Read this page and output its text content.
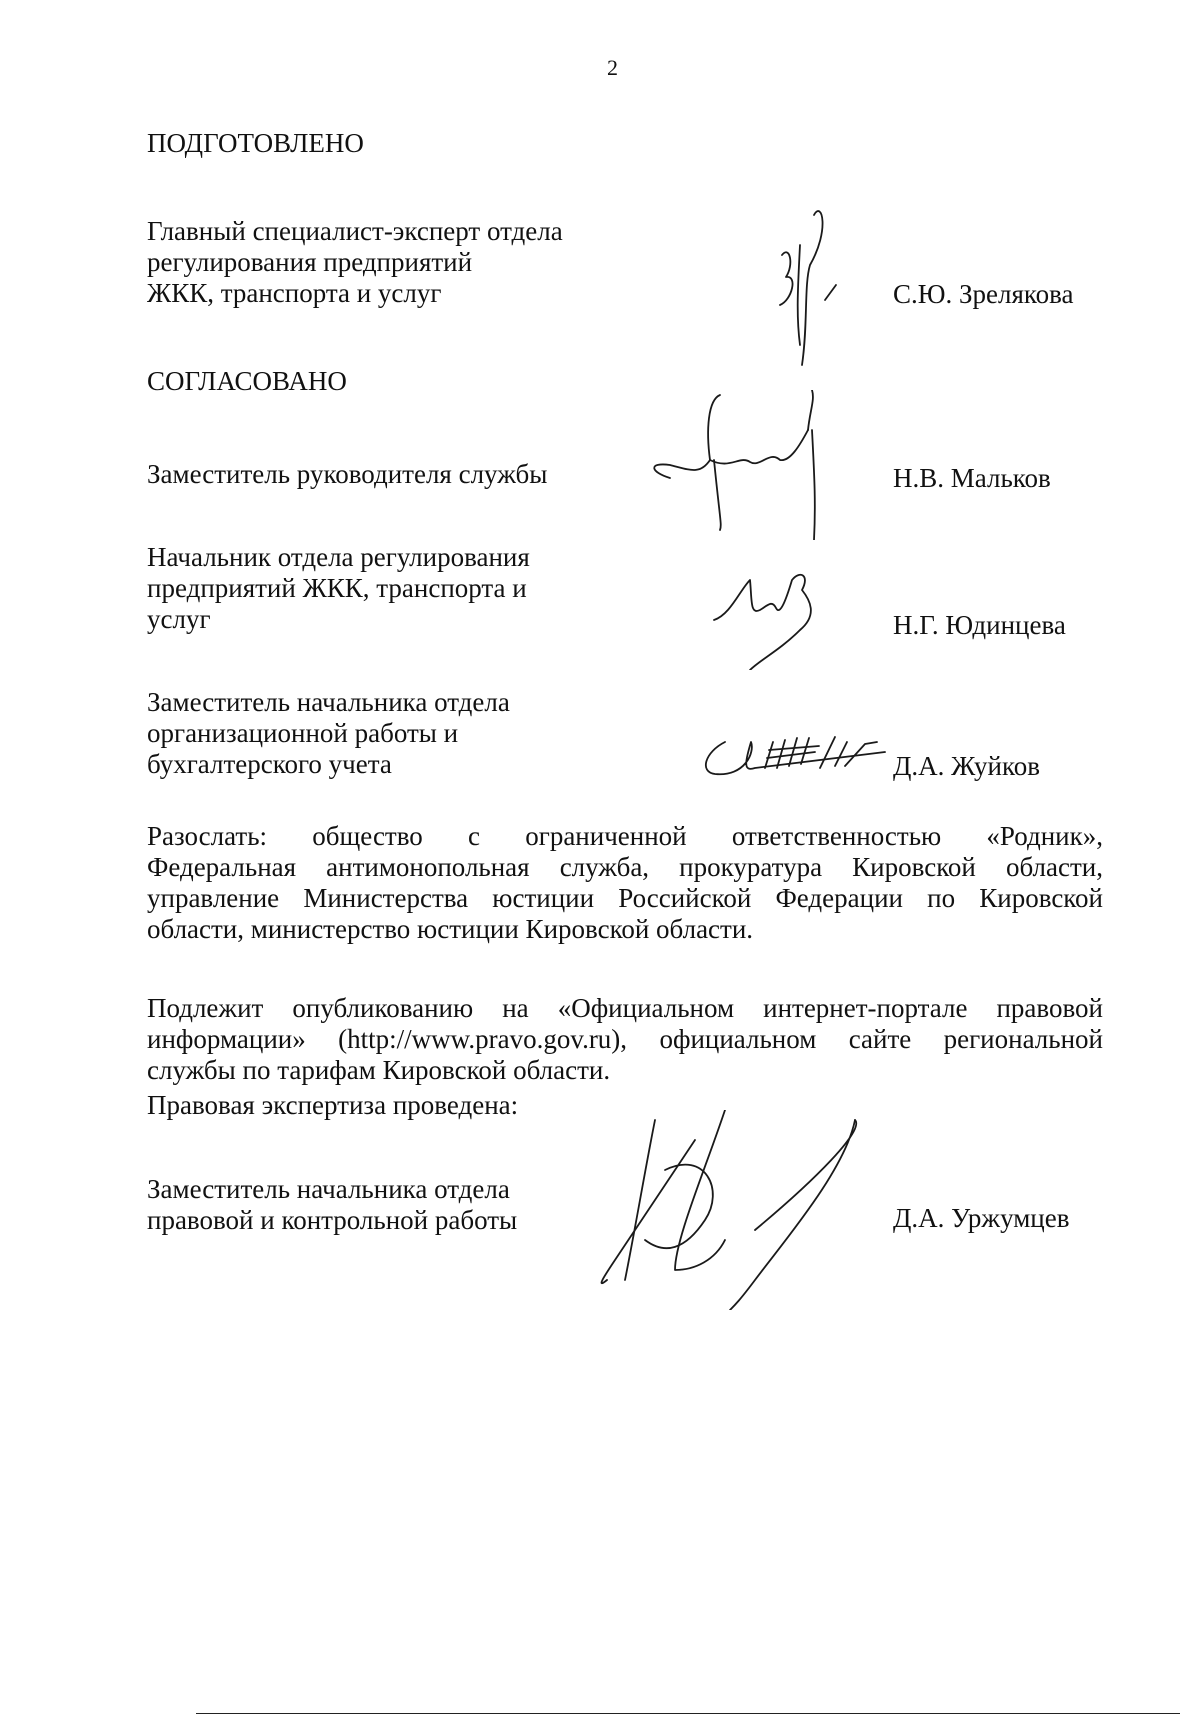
2
ПОДГОТОВЛЕНО
Главный специалист-эксперт отдела
регулирования предприятий
ЖКК, транспорта и услуг	С.Ю. Зрелякова
СОГЛАСОВАНО
Заместитель руководителя службы	Н.В. Мальков
Начальник отдела регулирования
предприятий ЖКК, транспорта и
услуг	Н.Г. Юдинцева
Заместитель начальника отдела
организационной работы и
бухгалтерского учета	Д.А. Жуйков
Разослать: общество с ограниченной ответственностью «Родник»,
Федеральная антимонопольная служба, прокуратура Кировской области,
управление Министерства юстиции Российской Федерации по Кировской
области, министерство юстиции Кировской области.
Подлежит опубликованию на «Официальном интернет-портале правовой
информации» (http://www.pravo.gov.ru), официальном сайте региональной
службы по тарифам Кировской области.
Правовая экспертиза проведена:
Заместитель начальника отдела
правовой и контрольной работы	Д.А. Уржумцев
